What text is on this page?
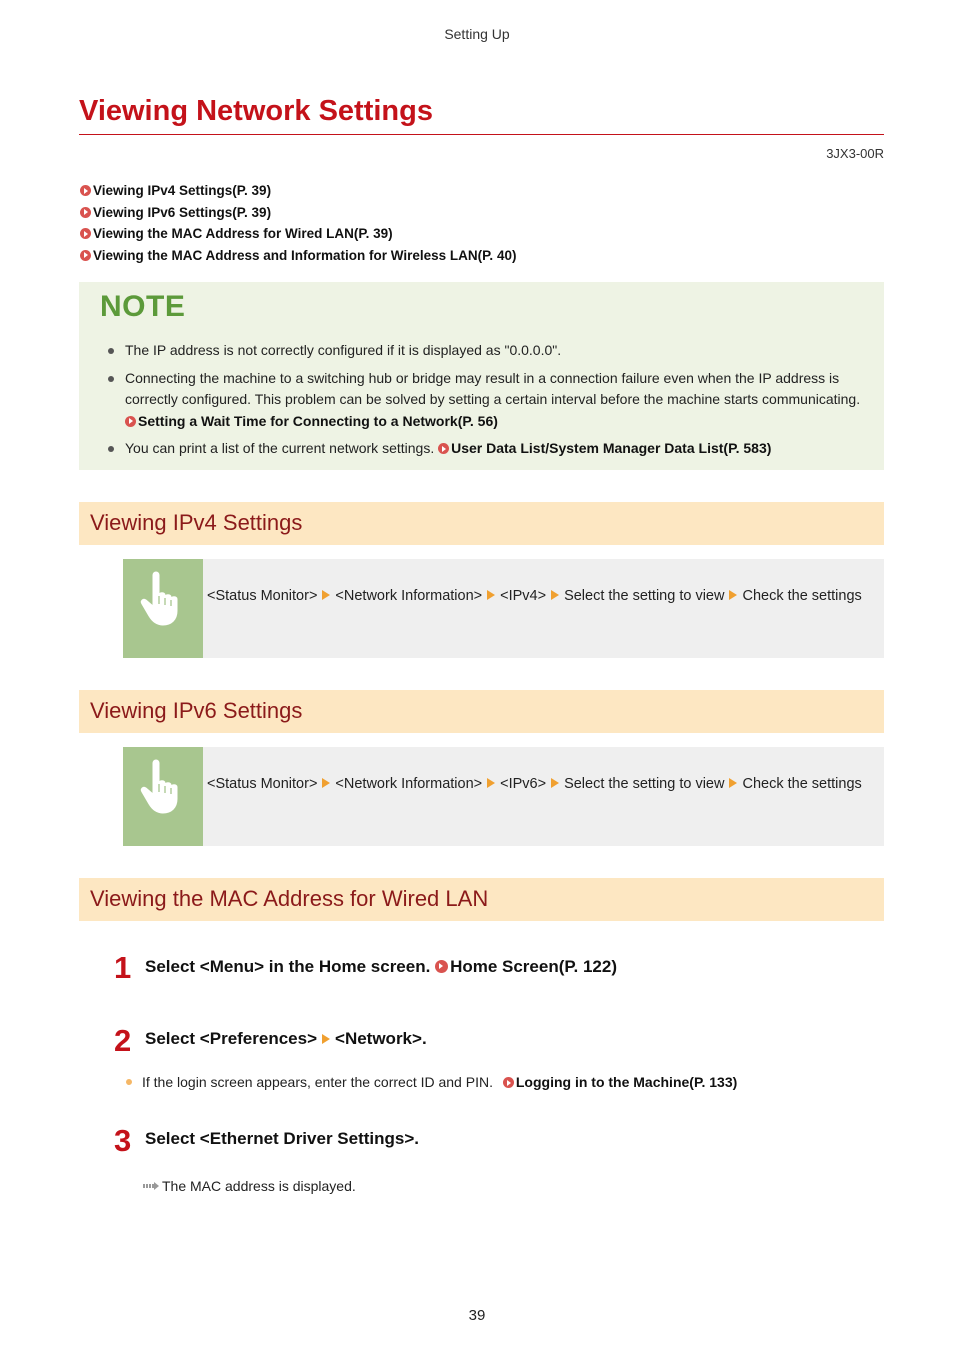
Setting Up
Viewing Network Settings
3JX3-00R
Viewing IPv4 Settings(P. 39)
Viewing IPv6 Settings(P. 39)
Viewing the MAC Address for Wired LAN(P. 39)
Viewing the MAC Address and Information for Wireless LAN(P. 40)
NOTE
The IP address is not correctly configured if it is displayed as "0.0.0.0".
Connecting the machine to a switching hub or bridge may result in a connection failure even when the IP address is correctly configured. This problem can be solved by setting a certain interval before the machine starts communicating. Setting a Wait Time for Connecting to a Network(P. 56)
You can print a list of the current network settings. User Data List/System Manager Data List(P. 583)
Viewing IPv4 Settings
<Status Monitor> <Network Information> <IPv4> Select the setting to view Check the settings
Viewing IPv6 Settings
<Status Monitor> <Network Information> <IPv6> Select the setting to view Check the settings
Viewing the MAC Address for Wired LAN
1 Select <Menu> in the Home screen. Home Screen(P. 122)
2 Select <Preferences> <Network>.
If the login screen appears, enter the correct ID and PIN. Logging in to the Machine(P. 133)
3 Select <Ethernet Driver Settings>.
The MAC address is displayed.
39
